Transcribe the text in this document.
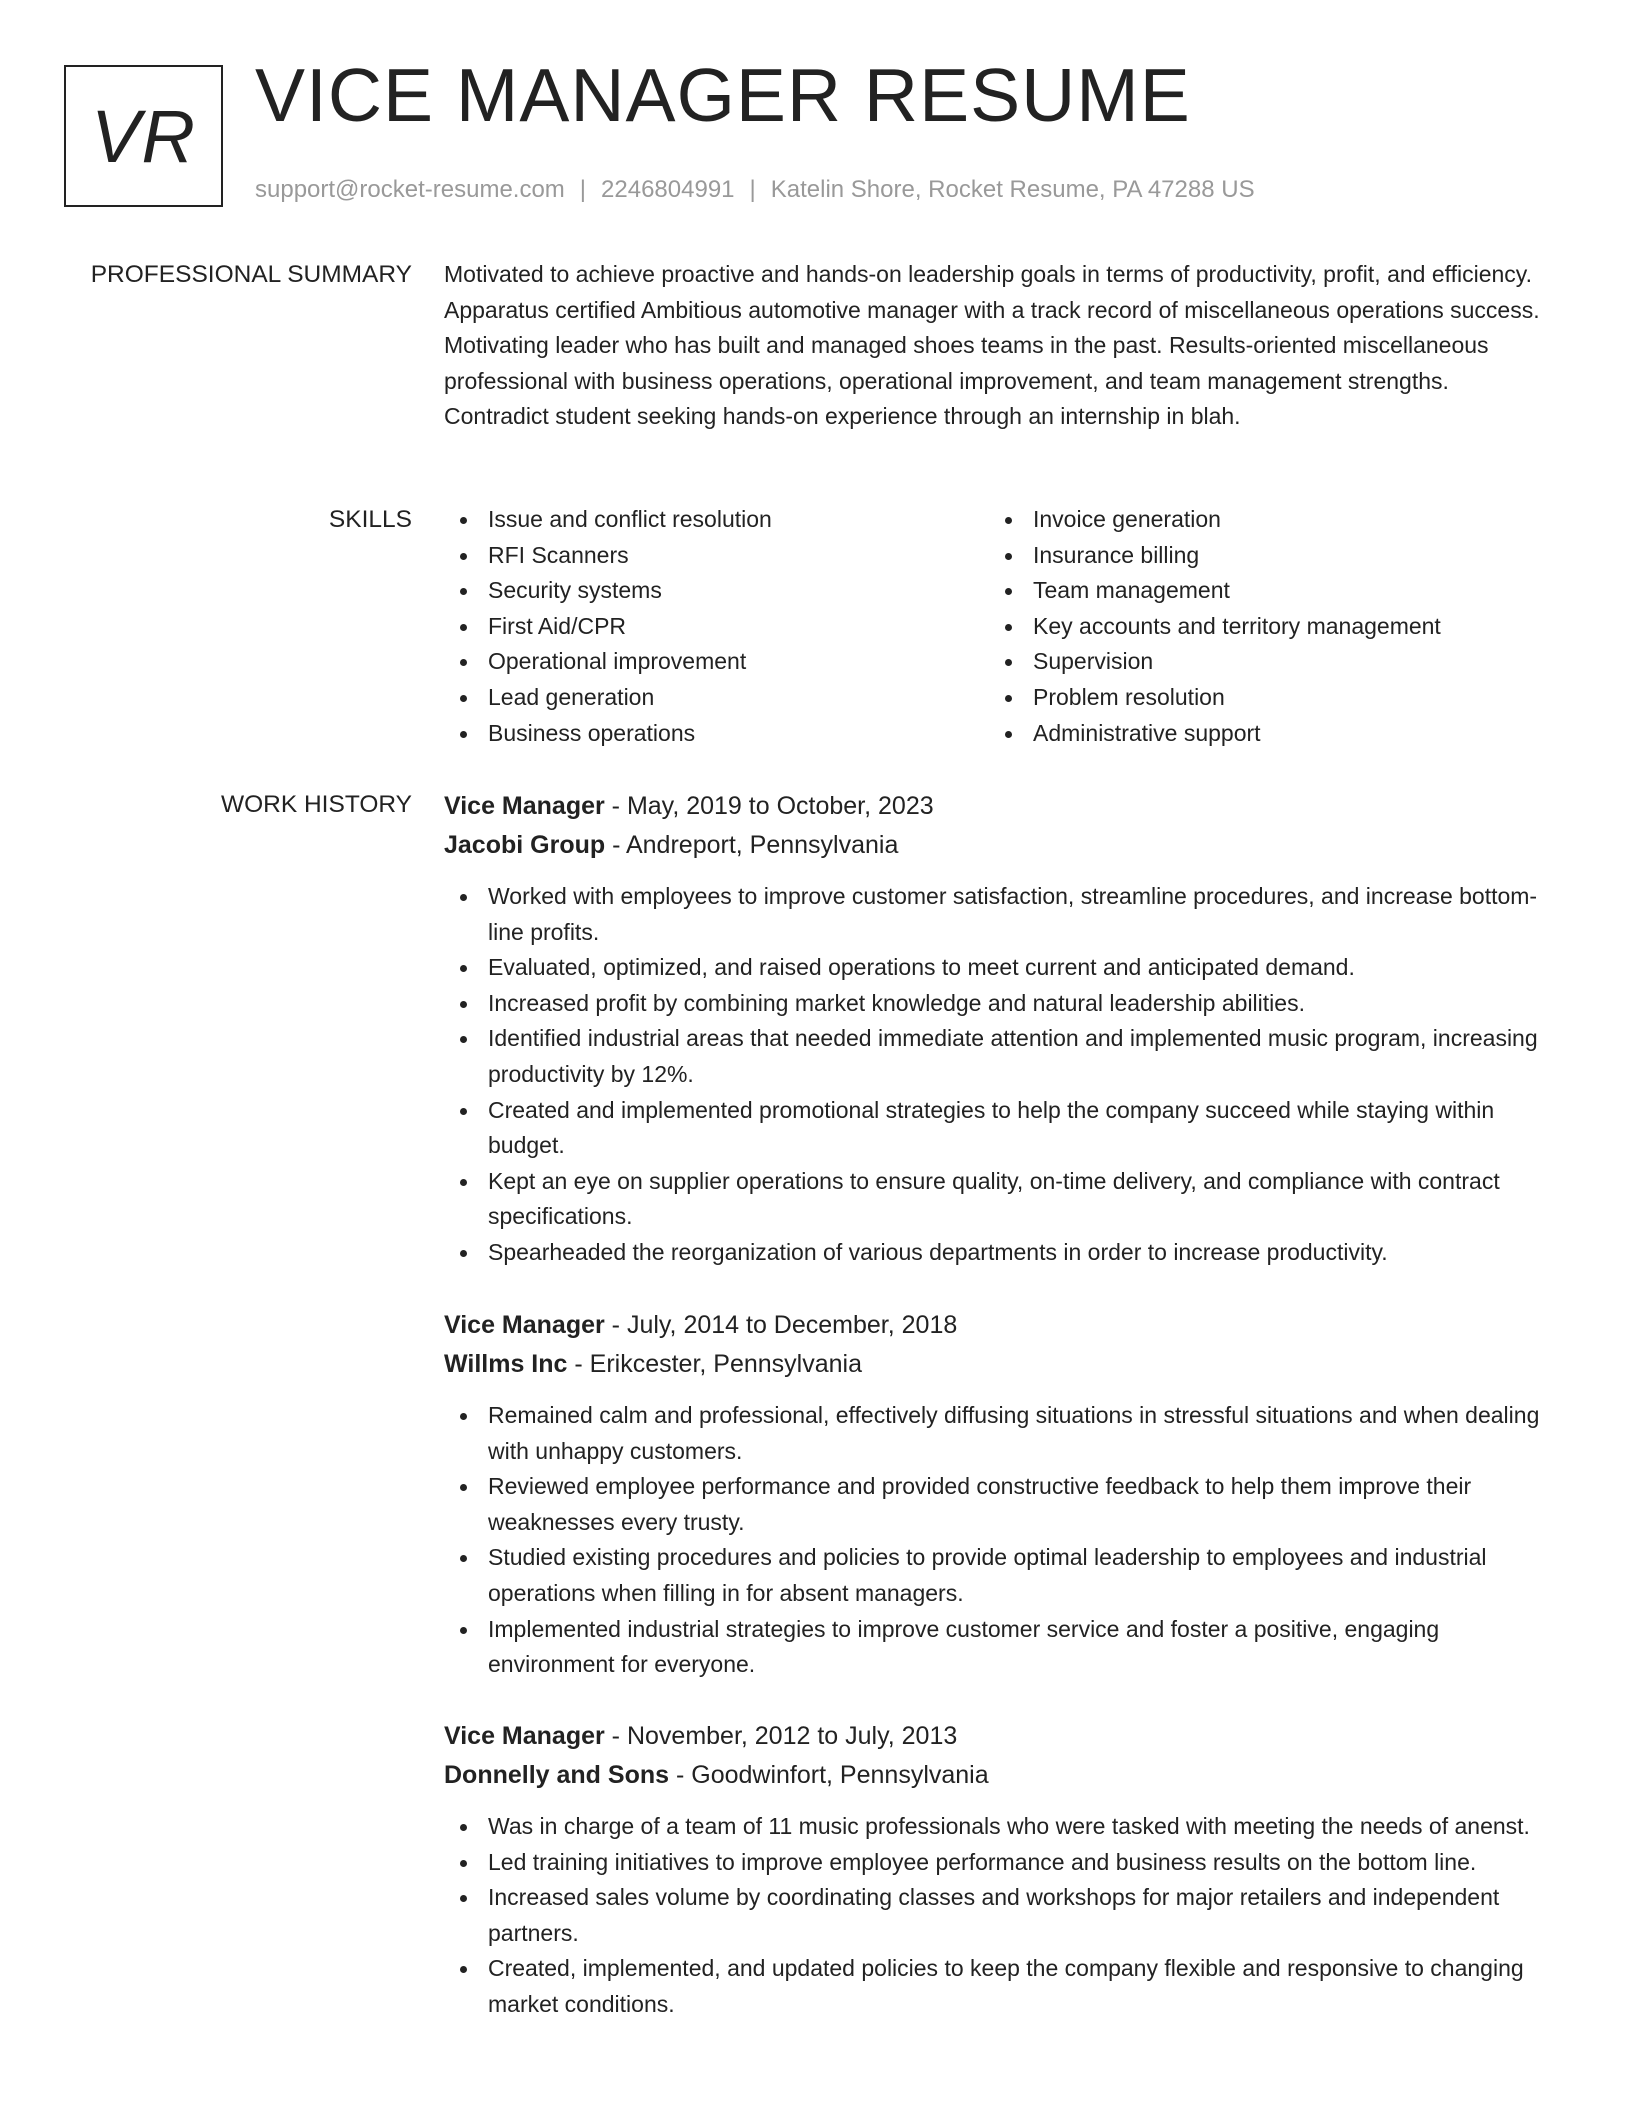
VR VICE MANAGER RESUME
support@rocket-resume.com | 2246804991 | Katelin Shore, Rocket Resume, PA 47288 US
PROFESSIONAL SUMMARY Motivated to achieve proactive and hands-on leadership goals in terms of productivity, profit, and efficiency. Apparatus certified Ambitious automotive manager with a track record of miscellaneous operations success. Motivating leader who has built and managed shoes teams in the past. Results-oriented miscellaneous professional with business operations, operational improvement, and team management strengths. Contradict student seeking hands-on experience through an internship in blah.

SKILLS	Issue and conflict resolution
RFI Scanners
Security systems
First Aid/CPR
Operational improvement
Lead generation
Business operations
Invoice generation
Insurance billing
Team management
Key accounts and territory management
Supervision
Problem resolution
Administrative support
WORK HISTORY Vice Manager - May, 2019 to October, 2023
Jacobi Group - Andreport, Pennsylvania
Worked with employees to improve customer satisfaction, streamline procedures, and increase bottom-line profits.
Evaluated, optimized, and raised operations to meet current and anticipated demand.
Increased profit by combining market knowledge and natural leadership abilities.
Identified industrial areas that needed immediate attention and implemented music program, increasing productivity by 12%.
Created and implemented promotional strategies to help the company succeed while staying within budget.
Kept an eye on supplier operations to ensure quality, on-time delivery, and compliance with contract specifications.
Spearheaded the reorganization of various departments in order to increase productivity.
Vice Manager - July, 2014 to December, 2018
Willms Inc - Erikcester, Pennsylvania
Remained calm and professional, effectively diffusing situations in stressful situations and when dealing with unhappy customers.
Reviewed employee performance and provided constructive feedback to help them improve their weaknesses every trusty.
Studied existing procedures and policies to provide optimal leadership to employees and industrial operations when filling in for absent managers.
Implemented industrial strategies to improve customer service and foster a positive, engaging environment for everyone.
Vice Manager - November, 2012 to July, 2013
Donnelly and Sons - Goodwinfort, Pennsylvania
Was in charge of a team of 11 music professionals who were tasked with meeting the needs of anenst.
Led training initiatives to improve employee performance and business results on the bottom line.
Increased sales volume by coordinating classes and workshops for major retailers and independent partners.
Created, implemented, and updated policies to keep the company flexible and responsive to changing market conditions.
